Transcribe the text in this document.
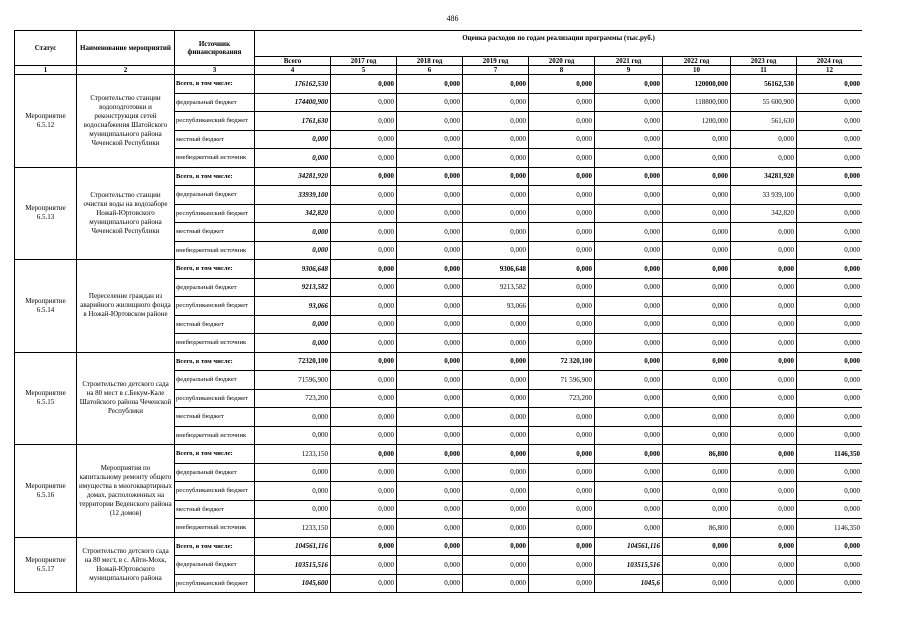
486
Статус	Наименование мероприятий	Источник финансирования	Оценка расходов по годам реализации программы (тыс.руб.)								
			Всего	2017 год	2018 год	2019 год	2020 год	2021 год	2022 год	2023 год	2024 год
1	2	3	4	5	6	7	8	9	10	11	12
Мероприятие 6.5.12	Строительство станции водоподготовки и реконструкция сетей водоснабжения Шатойского муниципального района Чеченской Республики	Всего, в том числе:	176162,530	0,000	0,000	0,000	0,000	0,000	120000,000	56162,530	0,000
		федеральный бюджет	174400,900	0,000	0,000	0,000	0,000	0,000	118800,000	55 600,900	0,000
		республиканский бюджет	1761,630	0,000	0,000	0,000	0,000	0,000	1200,000	561,630	0,000
		местный бюджет	0,000	0,000	0,000	0,000	0,000	0,000	0,000	0,000	0,000
		внебюджетный источник	0,000	0,000	0,000	0,000	0,000	0,000	0,000	0,000	0,000
Мероприятие 6.5.13	Строительство станции очистки воды на водозаборе Ножай-Юртовского муниципального района Чеченской Республики	Всего, в том числе:	34281,920	0,000	0,000	0,000	0,000	0,000	0,000	34281,920	0,000
		федеральный бюджет	33939,100	0,000	0,000	0,000	0,000	0,000	0,000	33 939,100	0,000
		республиканский бюджет	342,820	0,000	0,000	0,000	0,000	0,000	0,000	342,820	0,000
		местный бюджет	0,000	0,000	0,000	0,000	0,000	0,000	0,000	0,000	0,000
		внебюджетный источник	0,000	0,000	0,000	0,000	0,000	0,000	0,000	0,000	0,000
Мероприятие 6.5.14	Переселение граждан из аварийного жилищного фонда в Ножай-Юртовском районе	Всего, в том числе:	9306,648	0,000	0,000	9306,648	0,000	0,000	0,000	0,000	0,000
		федеральный бюджет	9213,582	0,000	0,000	9213,582	0,000	0,000	0,000	0,000	0,000
		республиканский бюджет	93,066	0,000	0,000	93,066	0,000	0,000	0,000	0,000	0,000
		местный бюджет	0,000	0,000	0,000	0,000	0,000	0,000	0,000	0,000	0,000
		внебюджетный источник	0,000	0,000	0,000	0,000	0,000	0,000	0,000	0,000	0,000
Мероприятие 6.5.15	Строительство детского сада на 80 мест в с.Бекум-Кале Шатойского района Чеченской Республики	Всего, в том числе:	72320,100	0,000	0,000	0,000	72 320,100	0,000	0,000	0,000	0,000
		федеральный бюджет	71596,900	0,000	0,000	0,000	71 596,900	0,000	0,000	0,000	0,000
		республиканский бюджет	723,200	0,000	0,000	0,000	723,200	0,000	0,000	0,000	0,000
		местный бюджет	0,000	0,000	0,000	0,000	0,000	0,000	0,000	0,000	0,000
		внебюджетный источник	0,000	0,000	0,000	0,000	0,000	0,000	0,000	0,000	0,000
Мероприятие 6.5.16	Мероприятия по капитальному ремонту общего имущества в многоквартирных домах, расположенных на территории Веденского района (12 домов)	Всего, в том числе:	1233,150	0,000	0,000	0,000	0,000	0,000	86,800	0,000	1146,350
		федеральный бюджет	0,000	0,000	0,000	0,000	0,000	0,000	0,000	0,000	0,000
		республиканский бюджет	0,000	0,000	0,000	0,000	0,000	0,000	0,000	0,000	0,000
		местный бюджет	0,000	0,000	0,000	0,000	0,000	0,000	0,000	0,000	0,000
		внебюджетный источник	1233,150	0,000	0,000	0,000	0,000	0,000	86,800	0,000	1146,350
Мероприятие 6.5.17	Строительство детского сада на 80 мест, в с. Айти-Мохк, Ножай-Юртовского муниципального района	Всего, в том числе:	104561,116	0,000	0,000	0,000	0,000	104561,116	0,000	0,000	0,000
		федеральный бюджет	103515,516	0,000	0,000	0,000	0,000	103515,516	0,000	0,000	0,000
		республиканский бюджет	1045,600	0,000	0,000	0,000	0,000	1045,6	0,000	0,000	0,000
